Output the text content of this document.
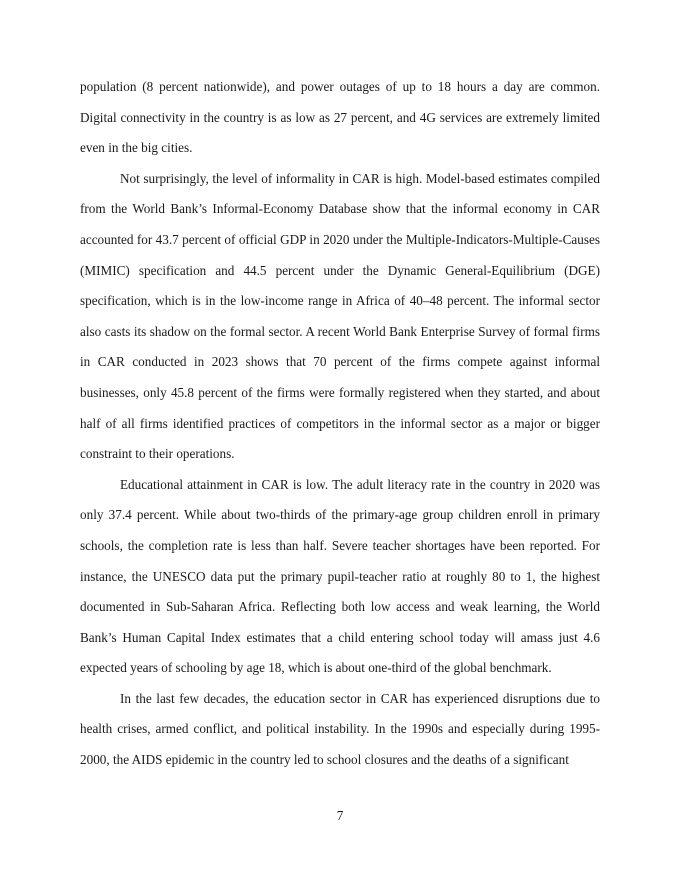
population (8 percent nationwide), and power outages of up to 18 hours a day are common. Digital connectivity in the country is as low as 27 percent, and 4G services are extremely limited even in the big cities.

Not surprisingly, the level of informality in CAR is high. Model-based estimates compiled from the World Bank’s Informal-Economy Database show that the informal economy in CAR accounted for 43.7 percent of official GDP in 2020 under the Multiple-Indicators-Multiple-Causes (MIMIC) specification and 44.5 percent under the Dynamic General-Equilibrium (DGE) specification, which is in the low-income range in Africa of 40–48 percent. The informal sector also casts its shadow on the formal sector. A recent World Bank Enterprise Survey of formal firms in CAR conducted in 2023 shows that 70 percent of the firms compete against informal businesses, only 45.8 percent of the firms were formally registered when they started, and about half of all firms identified practices of competitors in the informal sector as a major or bigger constraint to their operations.

Educational attainment in CAR is low. The adult literacy rate in the country in 2020 was only 37.4 percent. While about two-thirds of the primary-age group children enroll in primary schools, the completion rate is less than half. Severe teacher shortages have been reported. For instance, the UNESCO data put the primary pupil-teacher ratio at roughly 80 to 1, the highest documented in Sub-Saharan Africa. Reflecting both low access and weak learning, the World Bank’s Human Capital Index estimates that a child entering school today will amass just 4.6 expected years of schooling by age 18, which is about one-third of the global benchmark.

In the last few decades, the education sector in CAR has experienced disruptions due to health crises, armed conflict, and political instability. In the 1990s and especially during 1995-2000, the AIDS epidemic in the country led to school closures and the deaths of a significant

7
